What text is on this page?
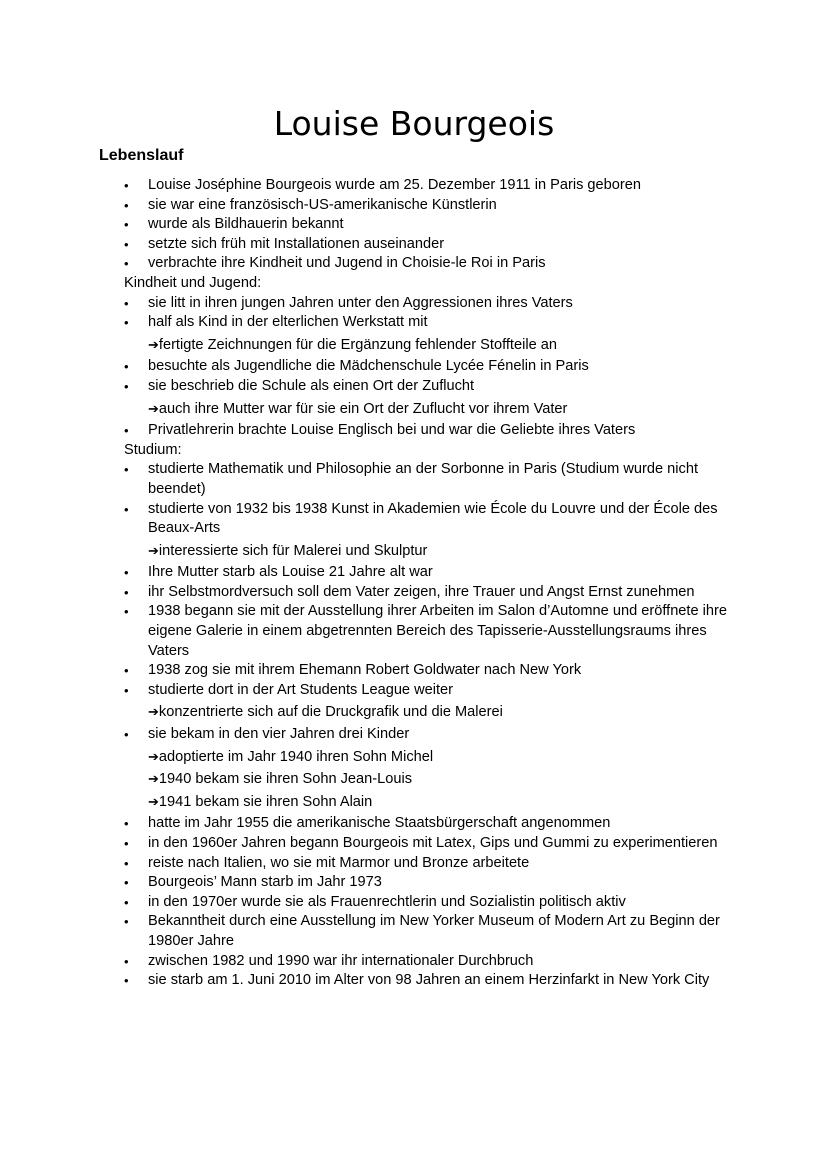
Louise Bourgeois
Lebenslauf
•	Louise Joséphine Bourgeois wurde am 25. Dezember 1911 in Paris geboren
•	sie war eine französisch-US-amerikanische Künstlerin
•	wurde als Bildhauerin bekannt
•	setzte sich früh mit Installationen auseinander
•	verbrachte ihre Kindheit und Jugend in Choisie-le Roi in Paris
Kindheit und Jugend:
•	sie litt in ihren jungen Jahren unter den Aggressionen ihres Vaters
•	half als Kind in der elterlichen Werkstatt mit
➔fertigte Zeichnungen für die Ergänzung fehlender Stoffteile an
•	besuchte als Jugendliche die Mädchenschule Lycée Fénelin in Paris
•	sie beschrieb die Schule als einen Ort der Zuflucht
➔auch ihre Mutter war für sie ein Ort der Zuflucht vor ihrem Vater
•	Privatlehrerin brachte Louise Englisch bei und war die Geliebte ihres Vaters
Studium:
•	studierte Mathematik und Philosophie an der Sorbonne in Paris (Studium wurde nicht beendet)
•	studierte von 1932 bis 1938 Kunst in Akademien wie École du Louvre und der École des Beaux-Arts
➔interessierte sich für Malerei und Skulptur
•	Ihre Mutter starb als Louise 21 Jahre alt war
•	ihr Selbstmordversuch soll dem Vater zeigen, ihre Trauer und Angst Ernst zunehmen
•	1938 begann sie mit der Ausstellung ihrer Arbeiten im Salon d’Automne und eröffnete ihre eigene Galerie in einem abgetrennten Bereich des Tapisserie-Ausstellungsraums ihres Vaters
•	1938 zog sie mit ihrem Ehemann Robert Goldwater nach New York
•	studierte dort in der Art Students League weiter
➔konzentrierte sich auf die Druckgrafik und die Malerei
•	sie bekam in den vier Jahren drei Kinder
➔adoptierte im Jahr 1940 ihren Sohn Michel
➔1940 bekam sie ihren Sohn Jean-Louis
➔1941 bekam sie ihren Sohn Alain
•	hatte im Jahr 1955 die amerikanische Staatsbürgerschaft angenommen
•	in den 1960er Jahren begann Bourgeois mit Latex, Gips und Gummi zu experimentieren
•	reiste nach Italien, wo sie mit Marmor und Bronze arbeitete
•	Bourgeois’ Mann starb im Jahr 1973
•	in den 1970er wurde sie als Frauenrechtlerin und Sozialistin politisch aktiv
•	Bekanntheit durch eine Ausstellung im New Yorker Museum of Modern Art zu Beginn der 1980er Jahre
•	zwischen 1982 und 1990 war ihr internationaler Durchbruch
•	sie starb am 1. Juni 2010 im Alter von 98 Jahren an einem Herzinfarkt in New York City
